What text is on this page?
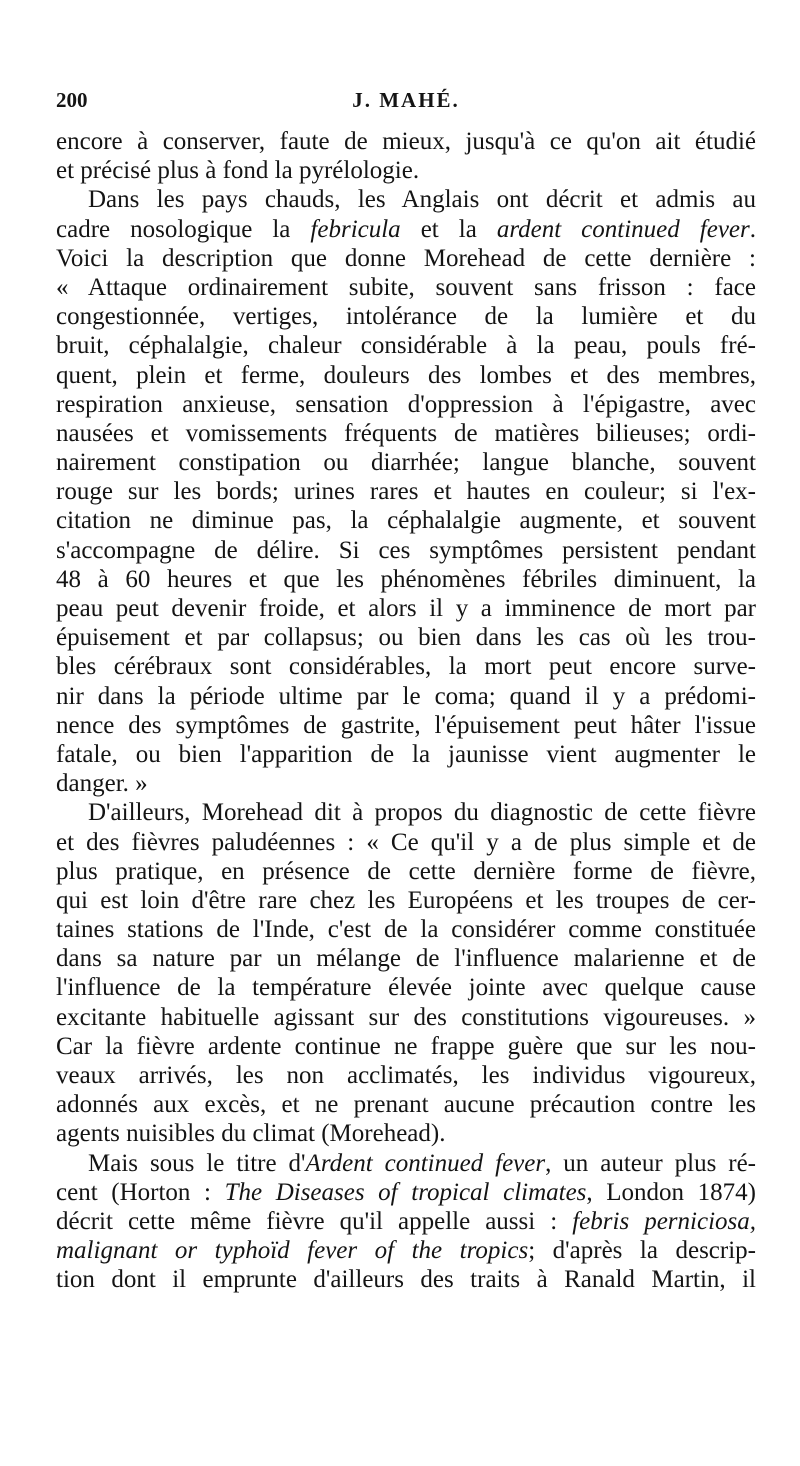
200	J. MAHÉ.
encore à conserver, faute de mieux, jusqu'à ce qu'on ait étudié
et précisé plus à fond la pyrélologie.
Dans les pays chauds, les Anglais ont décrit et admis au
cadre nosologique la febricula et la ardent continued fever.
Voici la description que donne Morehead de cette dernière :
« Attaque ordinairement subite, souvent sans frisson : face
congestionnée, vertiges, intolérance de la lumière et du
bruit, céphalalgie, chaleur considérable à la peau, pouls fré-
quent, plein et ferme, douleurs des lombes et des membres,
respiration anxieuse, sensation d'oppression à l'épigastre, avec
nausées et vomissements fréquents de matières bilieuses; ordi-
nairement constipation ou diarrhée; langue blanche, souvent
rouge sur les bords; urines rares et hautes en couleur; si l'ex-
citation ne diminue pas, la céphalalgie augmente, et souvent
s'accompagne de délire. Si ces symptômes persistent pendant
48 à 60 heures et que les phénomènes fébriles diminuent, la
peau peut devenir froide, et alors il y a imminence de mort par
épuisement et par collapsus; ou bien dans les cas où les trou-
bles cérébraux sont considérables, la mort peut encore surve-
nir dans la période ultime par le coma; quand il y a prédomi-
nence des symptômes de gastrite, l'épuisement peut hâter l'issue
fatale, ou bien l'apparition de la jaunisse vient augmenter le
danger. »
D'ailleurs, Morehead dit à propos du diagnostic de cette fièvre
et des fièvres paludéennes : « Ce qu'il y a de plus simple et de
plus pratique, en présence de cette dernière forme de fièvre,
qui est loin d'être rare chez les Européens et les troupes de cer-
taines stations de l'Inde, c'est de la considérer comme constituée
dans sa nature par un mélange de l'influence malarienne et de
l'influence de la température élevée jointe avec quelque cause
excitante habituelle agissant sur des constitutions vigoureuses. »
Car la fièvre ardente continue ne frappe guère que sur les nou-
veaux arrivés, les non acclimatés, les individus vigoureux,
adonnés aux excès, et ne prenant aucune précaution contre les
agents nuisibles du climat (Morehead).
Mais sous le titre d'Ardent continued fever, un auteur plus ré-
cent (Horton : The Diseases of tropical climates, London 1874)
décrit cette même fièvre qu'il appelle aussi : febris perniciosa,
malignant or typhoïd fever of the tropics; d'après la descrip-
tion dont il emprunte d'ailleurs des traits à Ranald Martin, il
